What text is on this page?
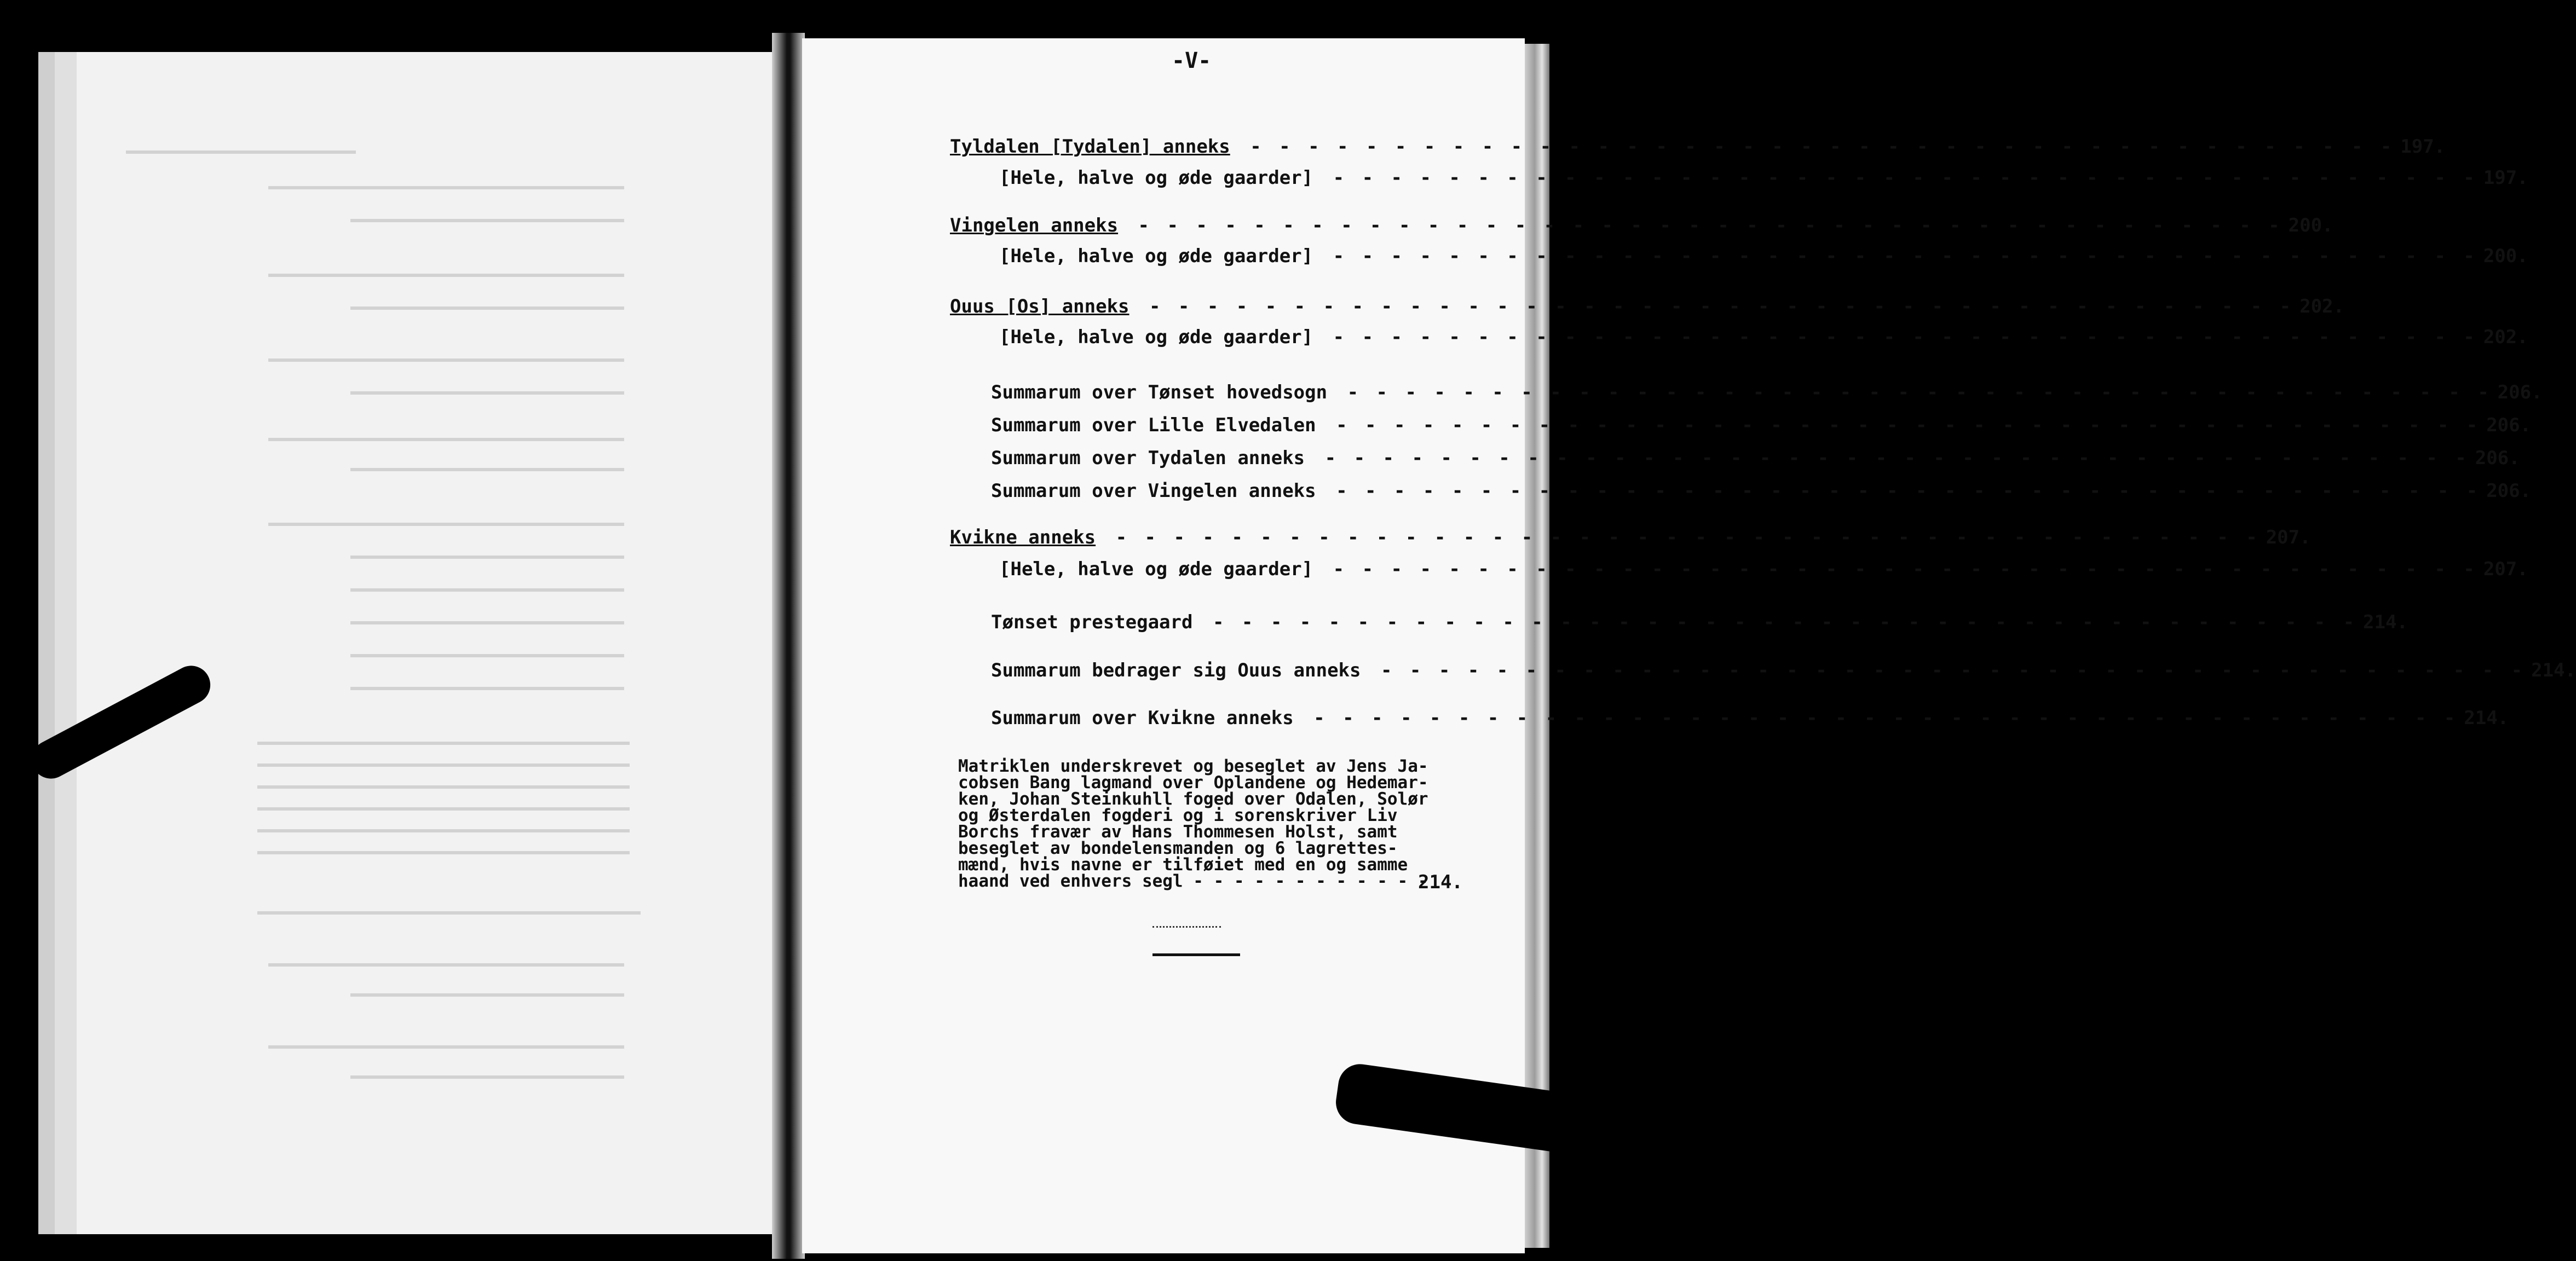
-V-
Tyldalen [Tydalen] anneks - - - - - - - - - - - - - - - - - - - - - - - - - - - - - - - - - - - - - - - - 197.
[Hele, halve og øde gaarder] - - - - - - - - - - - - - - - - - - - - - - - - - - - - - - - - - - - - - - - - 197.
Vingelen anneks - - - - - - - - - - - - - - - - - - - - - - - - - - - - - - - - - - - - - - - - 200.
[Hele, halve og øde gaarder] - - - - - - - - - - - - - - - - - - - - - - - - - - - - - - - - - - - - - - - - 200.
Ouus [Os] anneks - - - - - - - - - - - - - - - - - - - - - - - - - - - - - - - - - - - - - - - - 202.
[Hele, halve og øde gaarder] - - - - - - - - - - - - - - - - - - - - - - - - - - - - - - - - - - - - - - - - 202.
Summarum over Tønset hovedsogn - - - - - - - - - - - - - - - - - - - - - - - - - - - - - - - - - - - - - - - - 206.
Summarum over Lille Elvedalen - - - - - - - - - - - - - - - - - - - - - - - - - - - - - - - - - - - - - - - - 206.
Summarum over Tydalen anneks - - - - - - - - - - - - - - - - - - - - - - - - - - - - - - - - - - - - - - - - 206.
Summarum over Vingelen anneks - - - - - - - - - - - - - - - - - - - - - - - - - - - - - - - - - - - - - - - - 206.
Kvikne anneks - - - - - - - - - - - - - - - - - - - - - - - - - - - - - - - - - - - - - - - - 207.
[Hele, halve og øde gaarder] - - - - - - - - - - - - - - - - - - - - - - - - - - - - - - - - - - - - - - - - 207.
Tønset prestegaard - - - - - - - - - - - - - - - - - - - - - - - - - - - - - - - - - - - - - - - - 214.
Summarum bedrager sig Ouus anneks - - - - - - - - - - - - - - - - - - - - - - - - - - - - - - - - - - - - - - - - 214.
Summarum over Kvikne anneks - - - - - - - - - - - - - - - - - - - - - - - - - - - - - - - - - - - - - - - - 214.
Matriklen underskrevet og beseglet av Jens Ja-
cobsen Bang lagmand over Oplandene og Hedemar-
ken, Johan Steinkuhll foged over Odalen, Solør
og Østerdalen fogderi og i sorenskriver Liv
Borchs fravær av Hans Thommesen Holst, samt
beseglet av bondelensmanden og 6 lagrettes-
mænd, hvis navne er tilføiet med en og samme
haand ved enhvers segl - - - - - - - - - - - -
214.
